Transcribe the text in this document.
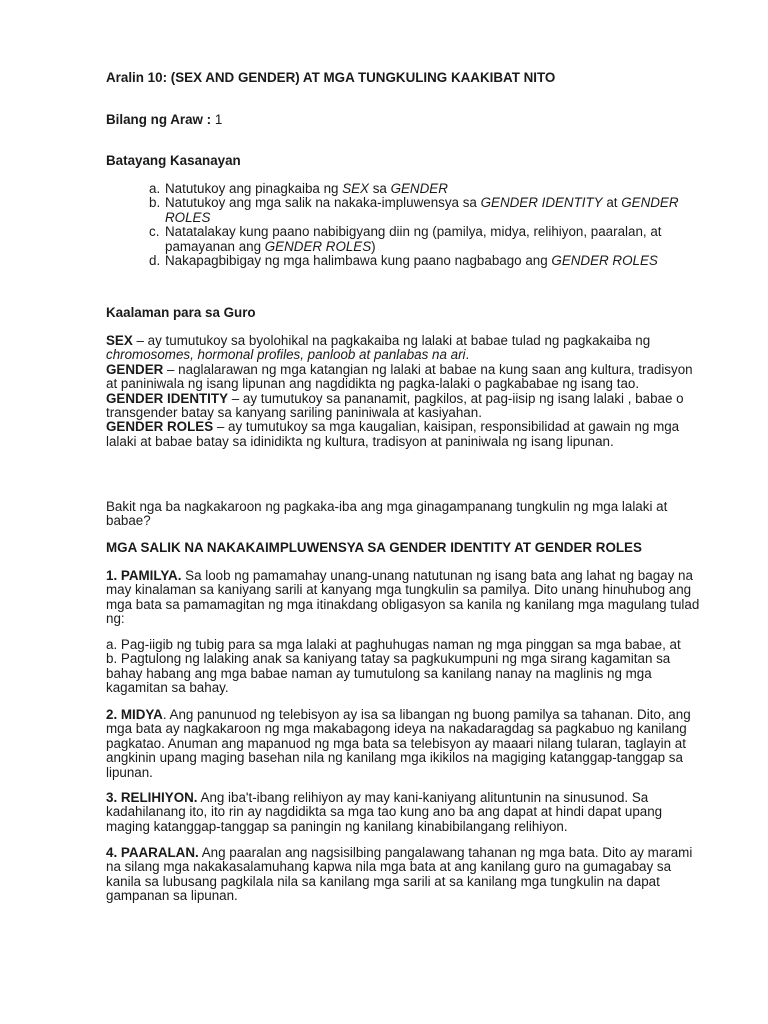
Aralin 10: (SEX AND GENDER) AT MGA TUNGKULING KAAKIBAT NITO

Bilang ng Araw : 1

Batayang Kasanayan

a. Natutukoy ang pinagkaiba ng SEX sa GENDER
b. Natutukoy ang mga salik na nakaka-impluwensya sa GENDER IDENTITY at GENDER ROLES
c. Natatalakay kung paano nabibigyang diin ng (pamilya, midya, relihiyon, paaralan, at pamayanan ang GENDER ROLES)
d. Nakapagbibigay ng mga halimbawa kung paano nagbabago ang GENDER ROLES

Kaalaman para sa Guro

SEX – ay tumutukoy sa byolohikal na pagkakaiba ng lalaki at babae tulad ng pagkakaiba ng chromosomes, hormonal profiles, panloob at panlabas na ari.

GENDER – naglalarawan ng mga katangian ng lalaki at babae na kung saan ang kultura, tradisyon at paniniwala ng isang lipunan ang nagdidikta ng pagka-lalaki o pagkababae ng isang tao.

GENDER IDENTITY – ay tumutukoy sa pananamit, pagkilos, at pag-iisip ng isang lalaki , babae o transgender batay sa kanyang sariling paniniwala at kasiyahan.

GENDER ROLES – ay tumutukoy sa mga kaugalian, kaisipan, responsibilidad at gawain ng mga lalaki at babae batay sa idinidikta ng kultura, tradisyon at paniniwala ng isang lipunan.

Bakit nga ba nagkakaroon ng pagkaka-iba ang mga ginagampanang tungkulin ng mga lalaki at babae?

MGA SALIK NA NAKAKAIMPLUWENSYA SA GENDER IDENTITY AT GENDER ROLES

1. PAMILYA. Sa loob ng pamamahay unang-unang natutunan ng isang bata ang lahat ng bagay na may kinalaman sa kaniyang sarili at kanyang mga tungkulin sa pamilya. Dito unang hinuhubog ang mga bata sa pamamagitan ng mga itinakdang obligasyon sa kanila ng kanilang mga magulang tulad ng:

a. Pag-iigib ng tubig para sa mga lalaki at paghuhugas naman ng mga pinggan sa mga babae, at

b. Pagtulong ng lalaking anak sa kaniyang tatay sa pagkukumpuni ng mga sirang kagamitan sa bahay habang ang mga babae naman ay tumutulong sa kanilang nanay na maglinis ng mga kagamitan sa bahay.

2. MIDYA. Ang panunuod ng telebisyon ay isa sa libangan ng buong pamilya sa tahanan. Dito, ang mga bata ay nagkakaroon ng mga makabagong ideya na nakadaragdag sa pagkabuo ng kanilang pagkatao. Anuman ang mapanuod ng mga bata sa telebisyon ay maaari nilang tularan, taglayin at angkinin upang maging basehan nila ng kanilang mga ikikilos na magiging katanggap-tanggap sa lipunan.

3. RELIHIYON. Ang iba't-ibang relihiyon ay may kani-kaniyang alituntunin na sinusunod. Sa kadahilanang ito, ito rin ay nagdidikta sa mga tao kung ano ba ang dapat at hindi dapat upang maging katanggap-tanggap sa paningin ng kanilang kinabibilangang relihiyon.

4. PAARALAN. Ang paaralan ang nagsisilbing pangalawang tahanan ng mga bata. Dito ay marami na silang mga nakakasalamuhang kapwa nila mga bata at ang kanilang guro na gumagabay sa kanila sa lubusang pagkilala nila sa kanilang mga sarili at sa kanilang mga tungkulin na dapat gampanan sa lipunan.
